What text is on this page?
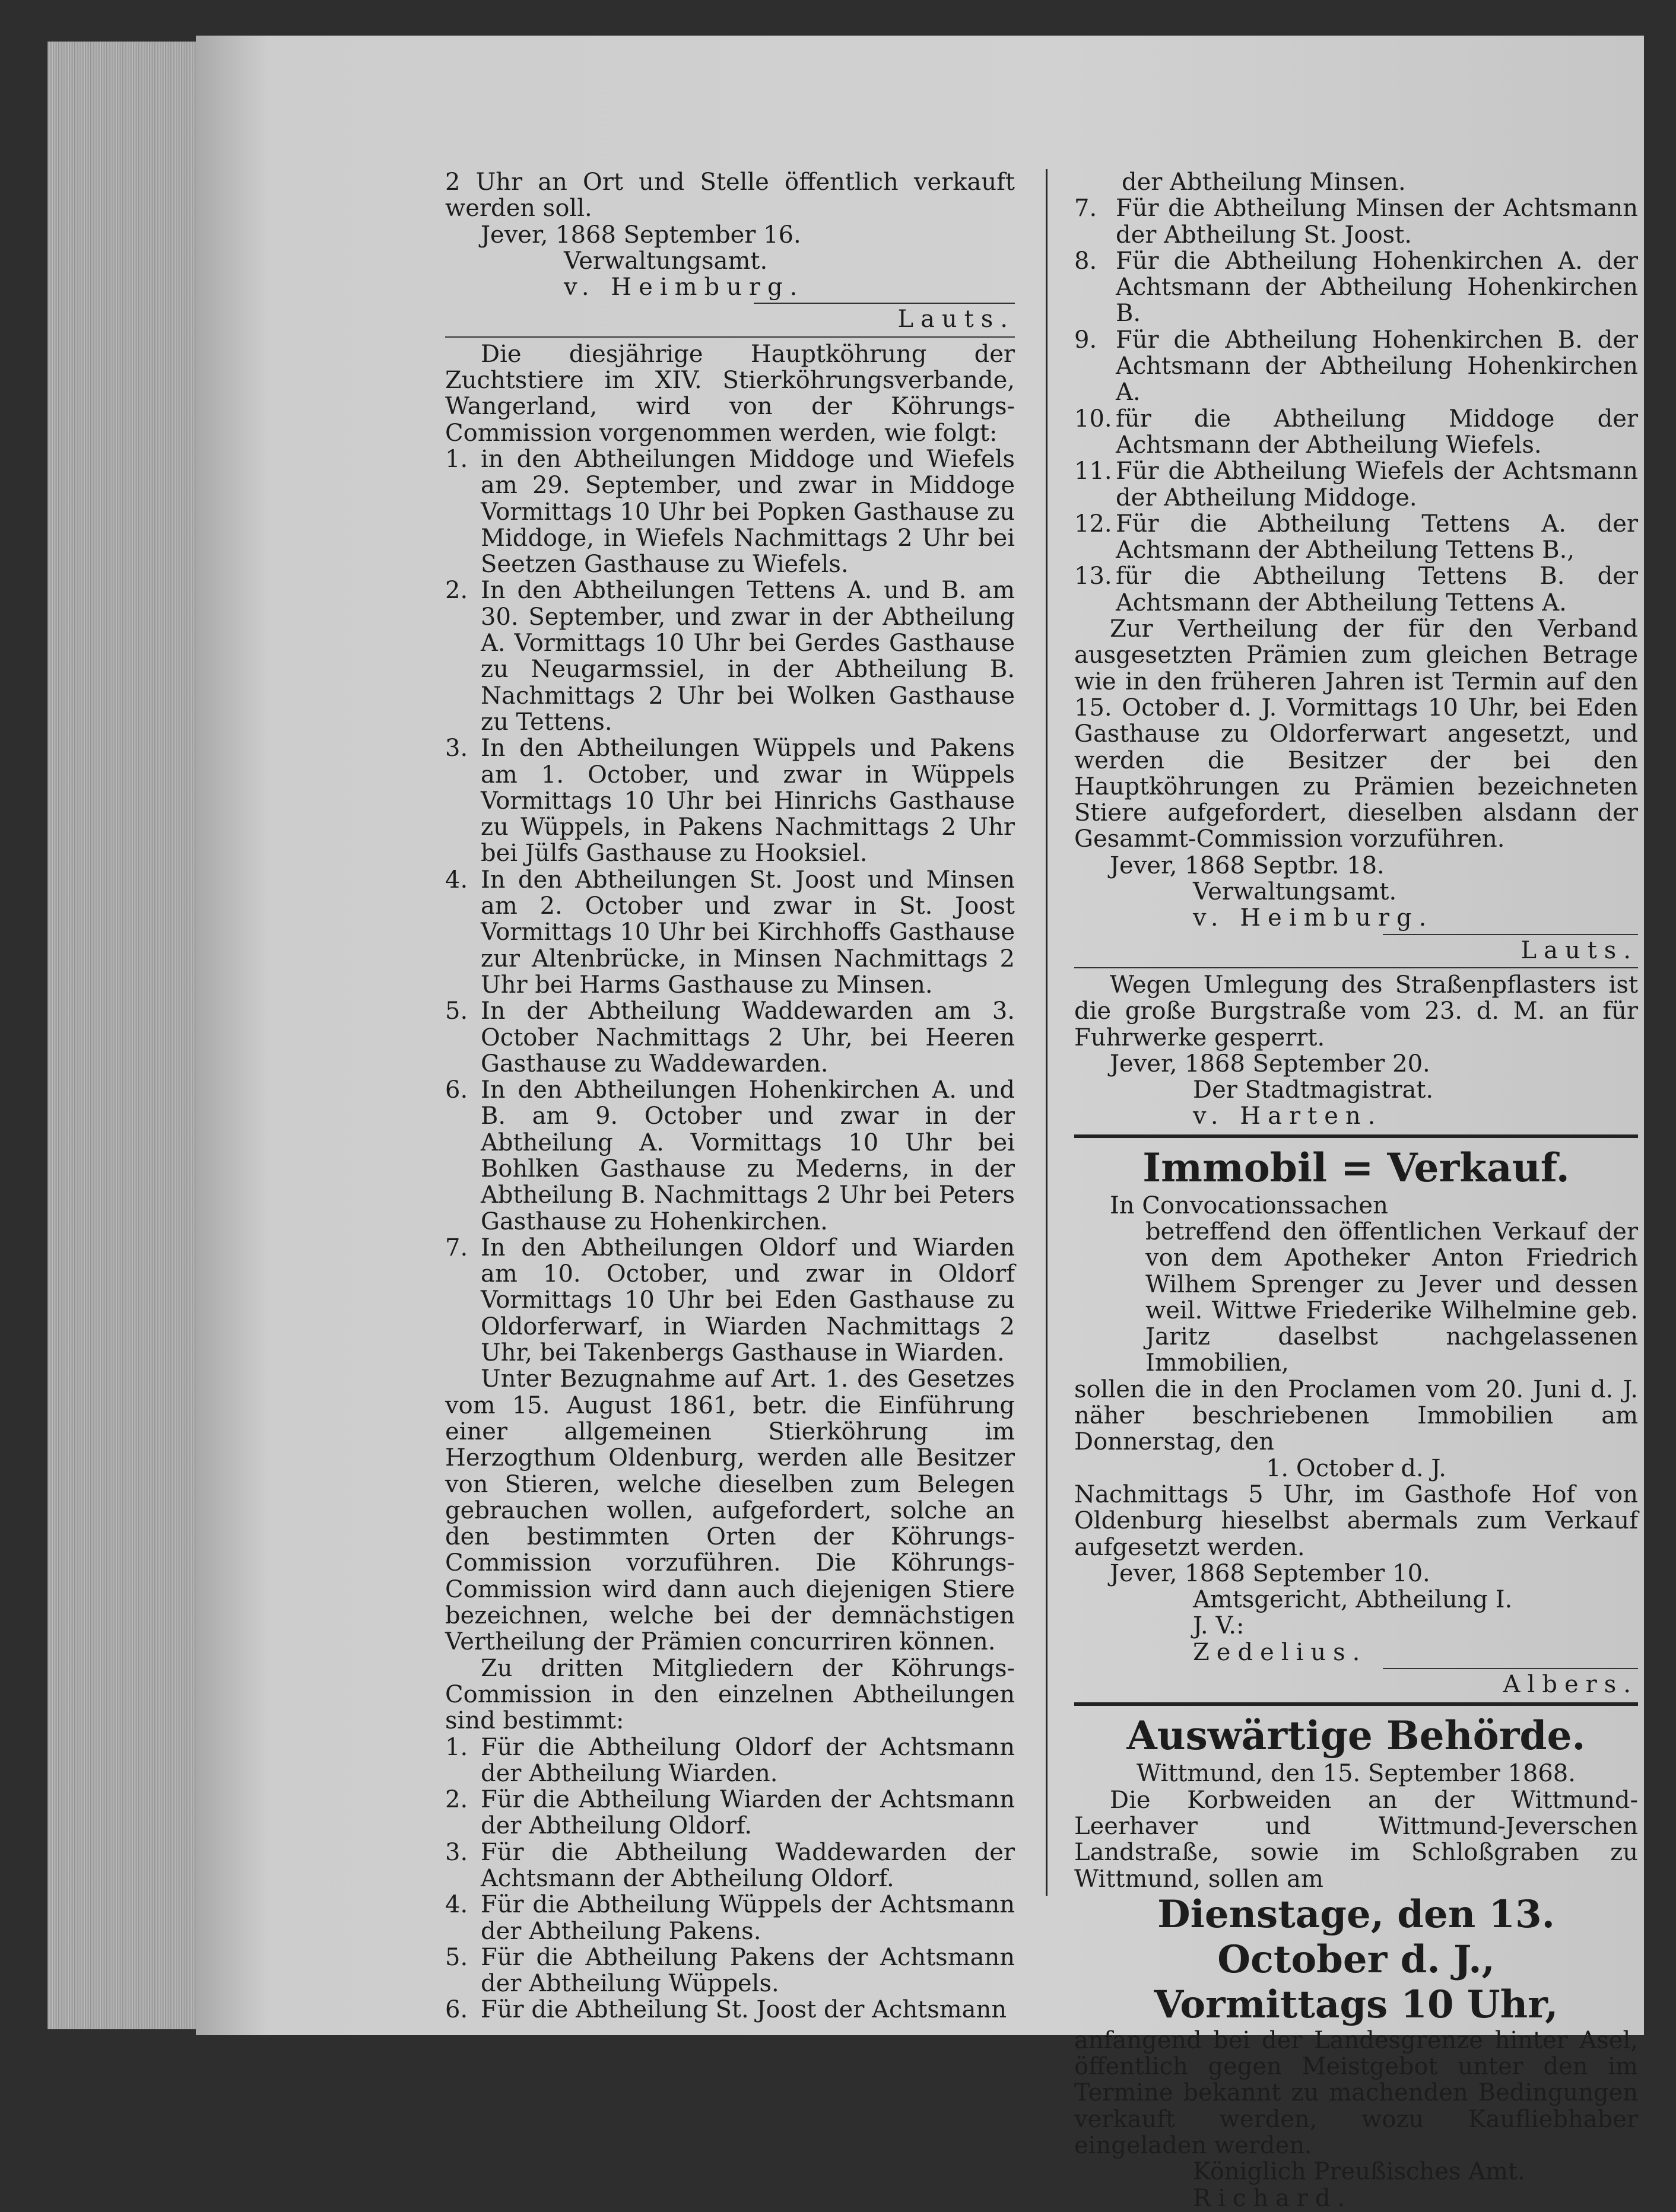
2 Uhr an Ort und Stelle öffentlich verkauft werden soll.

Jever, 1868 September 16.

Verwaltungsamt.

v. Heimburg.

Lauts.

Die diesjährige Hauptköhrung der Zuchtstiere im XIV. Stierköhrungsverbande, Wangerland, wird von der Köhrungs-Commission vorgenommen werden, wie folgt:

1. in den Abtheilungen Middoge und Wiefels am 29. September, und zwar in Middoge Vormittags 10 Uhr bei Popken Gasthause zu Middoge, in Wiefels Nachmittags 2 Uhr bei Seetzen Gasthause zu Wiefels.
2. In den Abtheilungen Tettens A. und B. am 30. September, und zwar in der Abtheilung A. Vormittags 10 Uhr bei Gerdes Gasthause zu Neugarmssiel, in der Abtheilung B. Nachmittags 2 Uhr bei Wolken Gasthause zu Tettens.
3. In den Abtheilungen Wüppels und Pakens am 1. October, und zwar in Wüppels Vormittags 10 Uhr bei Hinrichs Gasthause zu Wüppels, in Pakens Nachmittags 2 Uhr bei Jülfs Gasthause zu Hooksiel.
4. In den Abtheilungen St. Joost und Minsen am 2. October und zwar in St. Joost Vormittags 10 Uhr bei Kirchhoffs Gasthause zur Altenbrücke, in Minsen Nachmittags 2 Uhr bei Harms Gasthause zu Minsen.
5. In der Abtheilung Waddewarden am 3. October Nachmittags 2 Uhr, bei Heeren Gasthause zu Waddewarden.
6. In den Abtheilungen Hohenkirchen A. und B. am 9. October und zwar in der Abtheilung A. Vormittags 10 Uhr bei Bohlken Gasthause zu Mederns, in der Abtheilung B. Nachmittags 2 Uhr bei Peters Gasthause zu Hohenkirchen.
7. In den Abtheilungen Oldorf und Wiarden am 10. October, und zwar in Oldorf Vormittags 10 Uhr bei Eden Gasthause zu Oldorferwarf, in Wiarden Nachmittags 2 Uhr, bei Takenbergs Gasthause in Wiarden.

Unter Bezugnahme auf Art. 1. des Gesetzes vom 15. August 1861, betr. die Einführung einer allgemeinen Stierköhrung im Herzogthum Oldenburg, werden alle Besitzer von Stieren, welche dieselben zum Belegen gebrauchen wollen, aufgefordert, solche an den bestimmten Orten der Köhrungs-Commission vorzuführen. Die Köhrungs-Commission wird dann auch diejenigen Stiere bezeichnen, welche bei der demnächstigen Vertheilung der Prämien concurriren können.

Zu dritten Mitgliedern der Köhrungs-Commission in den einzelnen Abtheilungen sind bestimmt:

1. Für die Abtheilung Oldorf der Achtsmann der Abtheilung Wiarden.
2. Für die Abtheilung Wiarden der Achtsmann der Abtheilung Oldorf.
3. Für die Abtheilung Waddewarden der Achtsmann der Abtheilung Oldorf.
4. Für die Abtheilung Wüppels der Achtsmann der Abtheilung Pakens.
5. Für die Abtheilung Pakens der Achtsmann der Abtheilung Wüppels.
6. Für die Abtheilung St. Joost der Achtsmann

der Abtheilung Minsen.

7. Für die Abtheilung Minsen der Achtsmann der Abtheilung St. Joost.
8. Für die Abtheilung Hohenkirchen A. der Achtsmann der Abtheilung Hohenkirchen B.
9. Für die Abtheilung Hohenkirchen B. der Achtsmann der Abtheilung Hohenkirchen A.
10. für die Abtheilung Middoge der Achtsmann der Abtheilung Wiefels.
11. Für die Abtheilung Wiefels der Achtsmann der Abtheilung Middoge.
12. Für die Abtheilung Tettens A. der Achtsmann der Abtheilung Tettens B.,
13. für die Abtheilung Tettens B. der Achtsmann der Abtheilung Tettens A.

Zur Vertheilung der für den Verband ausgesetzten Prämien zum gleichen Betrage wie in den früheren Jahren ist Termin auf den 15. October d. J. Vormittags 10 Uhr, bei Eden Gasthause zu Oldorferwart angesetzt, und werden die Besitzer der bei den Hauptköhrungen zu Prämien bezeichneten Stiere aufgefordert, dieselben alsdann der Gesammt-Commission vorzuführen.

Jever, 1868 Septbr. 18.

Verwaltungsamt.

v. Heimburg.

Lauts.

Wegen Umlegung des Straßenpflasters ist die große Burgstraße vom 23. d. M. an für Fuhrwerke gesperrt.

Jever, 1868 September 20.

Der Stadtmagistrat.

v. Harten.

Immobil = Verkauf.

In Convocationssachen

betreffend den öffentlichen Verkauf der von dem Apotheker Anton Friedrich Wilhem Sprenger zu Jever und dessen weil. Wittwe Friederike Wilhelmine geb. Jaritz daselbst nachgelassenen Immobilien,

sollen die in den Proclamen vom 20. Juni d. J. näher beschriebenen Immobilien am Donnerstag, den

1. October d. J.

Nachmittags 5 Uhr, im Gasthofe Hof von Oldenburg hieselbst abermals zum Verkauf aufgesetzt werden.

Jever, 1868 September 10.

Amtsgericht, Abtheilung I.

J. V.:

Zedelius.

Albers.

Auswärtige Behörde.

Wittmund, den 15. September 1868.

Die Korbweiden an der Wittmund-Leerhaver und Wittmund-Jeverschen Landstraße, sowie im Schloßgraben zu Wittmund, sollen am

Dienstage, den 13. October d. J.,

Vormittags 10 Uhr,

anfangend bei der Landesgrenze hinter Asel, öffentlich gegen Meistgebot unter den im Termine bekannt zu machenden Bedingungen verkauft werden, wozu Kaufliebhaber eingeladen werden.

Königlich Preußisches Amt.

Richard.
